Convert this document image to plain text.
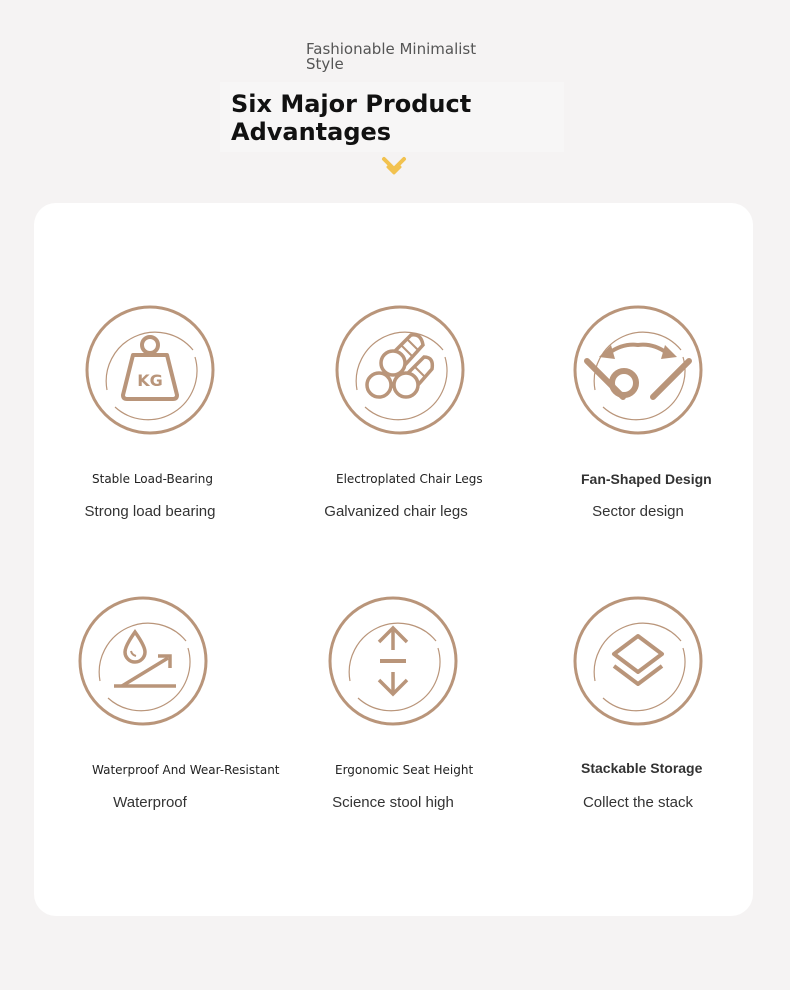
Fashionable Minimalist Style
Six Major Product Advantages
KG
Stable Load-Bearing
Strong load bearing
Electroplated Chair Legs
Galvanized chair legs
Fan-Shaped Design
Sector design
Waterproof And Wear-Resistant
Waterproof
Ergonomic Seat Height
Science stool high
Stackable Storage
Collect the stack
